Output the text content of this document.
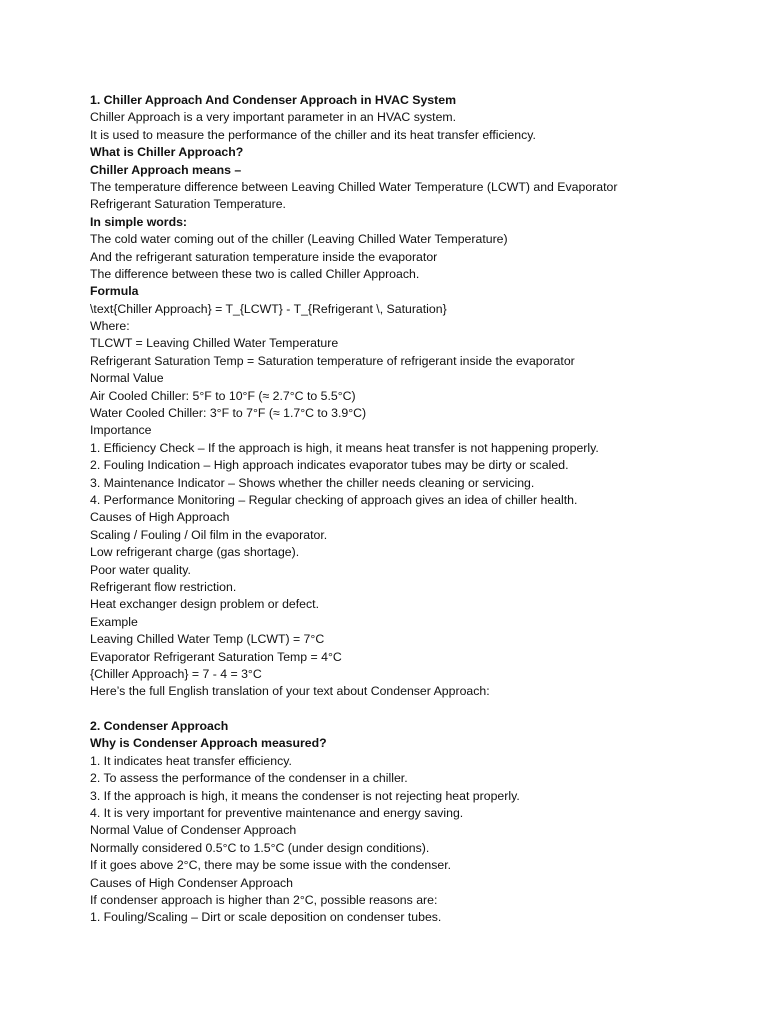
1. Chiller Approach And Condenser Approach in HVAC System
Chiller Approach is a very important parameter in an HVAC system.
It is used to measure the performance of the chiller and its heat transfer efficiency.
What is Chiller Approach?
Chiller Approach means –
The temperature difference between Leaving Chilled Water Temperature (LCWT) and Evaporator
Refrigerant Saturation Temperature.
In simple words:
The cold water coming out of the chiller (Leaving Chilled Water Temperature)
And the refrigerant saturation temperature inside the evaporator
The difference between these two is called Chiller Approach.
Formula
\text{Chiller Approach} = T_{LCWT} - T_{Refrigerant \, Saturation}
Where:
TLCWT = Leaving Chilled Water Temperature
Refrigerant Saturation Temp = Saturation temperature of refrigerant inside the evaporator
Normal Value
Air Cooled Chiller: 5°F to 10°F (≈ 2.7°C to 5.5°C)
Water Cooled Chiller: 3°F to 7°F (≈ 1.7°C to 3.9°C)
Importance
1. Efficiency Check – If the approach is high, it means heat transfer is not happening properly.
2. Fouling Indication – High approach indicates evaporator tubes may be dirty or scaled.
3. Maintenance Indicator – Shows whether the chiller needs cleaning or servicing.
4. Performance Monitoring – Regular checking of approach gives an idea of chiller health.
Causes of High Approach
Scaling / Fouling / Oil film in the evaporator.
Low refrigerant charge (gas shortage).
Poor water quality.
Refrigerant flow restriction.
Heat exchanger design problem or defect.
Example
Leaving Chilled Water Temp (LCWT) = 7°C
Evaporator Refrigerant Saturation Temp = 4°C
{Chiller Approach} = 7 - 4 = 3°C
Here’s the full English translation of your text about Condenser Approach:
2. Condenser Approach
Why is Condenser Approach measured?
1. It indicates heat transfer efficiency.
2. To assess the performance of the condenser in a chiller.
3. If the approach is high, it means the condenser is not rejecting heat properly.
4. It is very important for preventive maintenance and energy saving.
Normal Value of Condenser Approach
Normally considered 0.5°C to 1.5°C (under design conditions).
If it goes above 2°C, there may be some issue with the condenser.
Causes of High Condenser Approach
If condenser approach is higher than 2°C, possible reasons are:
1. Fouling/Scaling – Dirt or scale deposition on condenser tubes.
